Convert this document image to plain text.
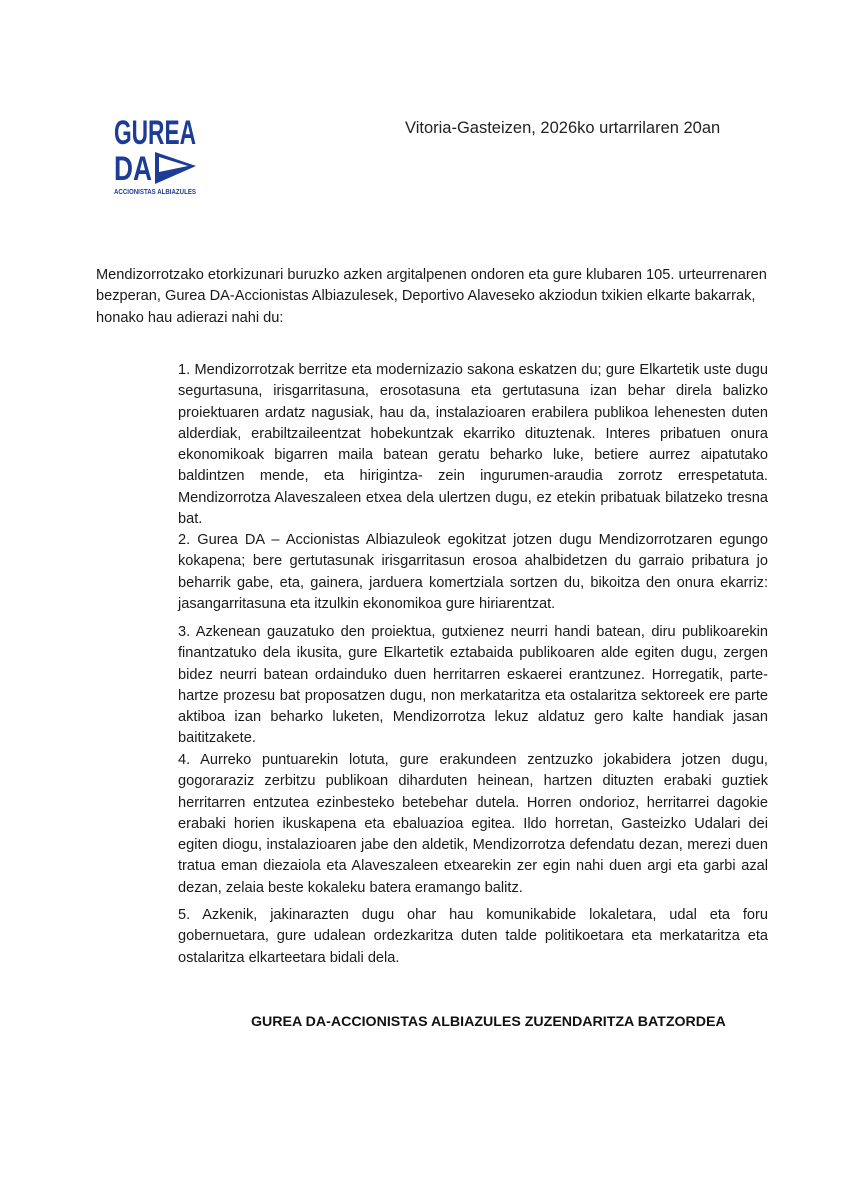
GUREA
DA
ACCIONISTAS ALBIAZULES
Vitoria-Gasteizen, 2026ko urtarrilaren 20an
Mendizorrotzako etorkizunari buruzko azken argitalpenen ondoren eta gure klubaren 105. urteurrenaren bezperan, Gurea DA-Accionistas Albiazulesek, Deportivo Alaveseko akziodun txikien elkarte bakarrak, honako hau adierazi nahi du:
1. Mendizorrotzak berritze eta modernizazio sakona eskatzen du; gure Elkartetik uste dugu segurtasuna, irisgarritasuna, erosotasuna eta gertutasuna izan behar direla balizko proiektuaren ardatz nagusiak, hau da, instalazioaren erabilera publikoa lehenesten duten alderdiak, erabiltzaileentzat hobekuntzak ekarriko dituztenak. Interes pribatuen onura ekonomikoak bigarren maila batean geratu beharko luke, betiere aurrez aipatutako baldintzen mende, eta hirigintza- zein ingurumen-araudia zorrotz errespetatuta. Mendizorrotza Alaveszaleen etxea dela ulertzen dugu, ez etekin pribatuak bilatzeko tresna bat.
2. Gurea DA – Accionistas Albiazuleok egokitzat jotzen dugu Mendizorrotzaren egungo kokapena; bere gertutasunak irisgarritasun erosoa ahalbidetzen du garraio pribatura jo beharrik gabe, eta, gainera, jarduera komertziala sortzen du, bikoitza den onura ekarriz: jasangarritasuna eta itzulkin ekonomikoa gure hiriarentzat.
3. Azkenean gauzatuko den proiektua, gutxienez neurri handi batean, diru publikoarekin finantzatuko dela ikusita, gure Elkartetik eztabaida publikoaren alde egiten dugu, zergen bidez neurri batean ordainduko duen herritarren eskaerei erantzunez. Horregatik, parte-hartze prozesu bat proposatzen dugu, non merkataritza eta ostalaritza sektoreek ere parte aktiboa izan beharko luketen, Mendizorrotza lekuz aldatuz gero kalte handiak jasan baititzakete.
4. Aurreko puntuarekin lotuta, gure erakundeen zentzuzko jokabidera jotzen dugu, gogoraraziz zerbitzu publikoan diharduten heinean, hartzen dituzten erabaki guztiek herritarren entzutea ezinbesteko betebehar dutela. Horren ondorioz, herritarrei dagokie erabaki horien ikuskapena eta ebaluazioa egitea. Ildo horretan, Gasteizko Udalari dei egiten diogu, instalazioaren jabe den aldetik, Mendizorrotza defendatu dezan, merezi duen tratua eman diezaiola eta Alaveszaleen etxearekin zer egin nahi duen argi eta garbi azal dezan, zelaia beste kokaleku batera eramango balitz.
5. Azkenik, jakinarazten dugu ohar hau komunikabide lokaletara, udal eta foru gobernuetara, gure udalean ordezkaritza duten talde politikoetara eta merkataritza eta ostalaritza elkarteetara bidali dela.
GUREA DA-ACCIONISTAS ALBIAZULES ZUZENDARITZA BATZORDEA
